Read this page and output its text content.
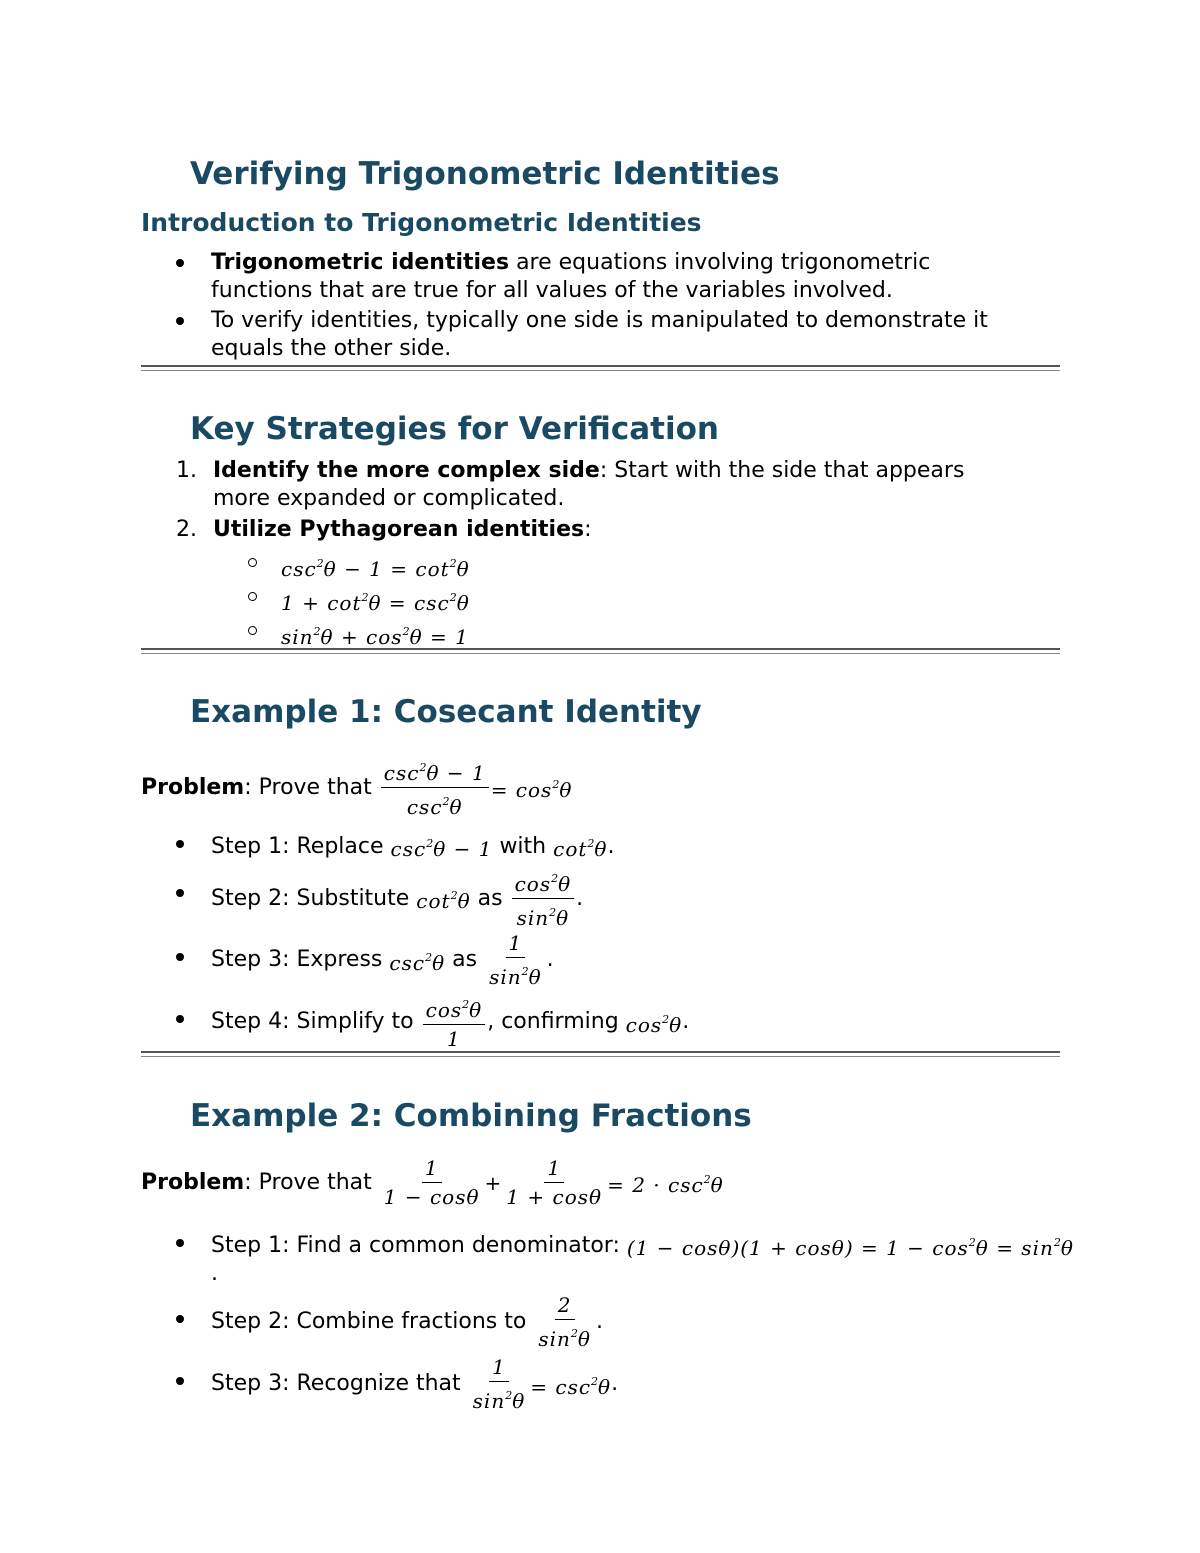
Verifying Trigonometric Identities
Introduction to Trigonometric Identities
Trigonometric identities are equations involving trigonometric
functions that are true for all values of the variables involved.
To verify identities, typically one side is manipulated to demonstrate it
equals the other side.
Key Strategies for Verification
1. Identify the more complex side: Start with the side that appears
more expanded or complicated.
2. Utilize Pythagorean identities:
$\csc^2\theta - 1 = \cot^2\theta$
$1 + \cot^2\theta = \csc^2\theta$
$\sin^2\theta + \cos^2\theta = 1$
Example 1: Cosecant Identity
Problem : Prove that
$\frac{\csc^2\theta - 1}{\csc^2\theta} = \cos^2\theta$
Step 1: Replace
$\csc^2\theta - 1$
with
$\cot^2\theta$ .
Step 2: Substitute
$\cot^2\theta$
as
$\frac{\cos^2\theta}{\sin^2\theta}$ .
Step 3: Express
$\csc^2\theta$
as
$\frac{1}{\sin^2\theta}$ .
Step 4: Simplify to
$\frac{\cos^2\theta}{1}$ , confirming
$\cos^2\theta$ .
Example 2: Combining Fractions
Problem : Prove that
$\frac{1}{1 - \cos\theta} + \frac{1}{1 + \cos\theta} = 2 \cdot \csc^2\theta$
Step 1: Find a common denominator:
$(1 - \cos\theta)(1 + \cos\theta) = 1 - \cos^2\theta = \sin^2\theta$
.
Step 2: Combine fractions to
$\frac{2}{\sin^2\theta}$ .
Step 3: Recognize that
$\frac{1}{\sin^2\theta} = \csc^2\theta$ .
